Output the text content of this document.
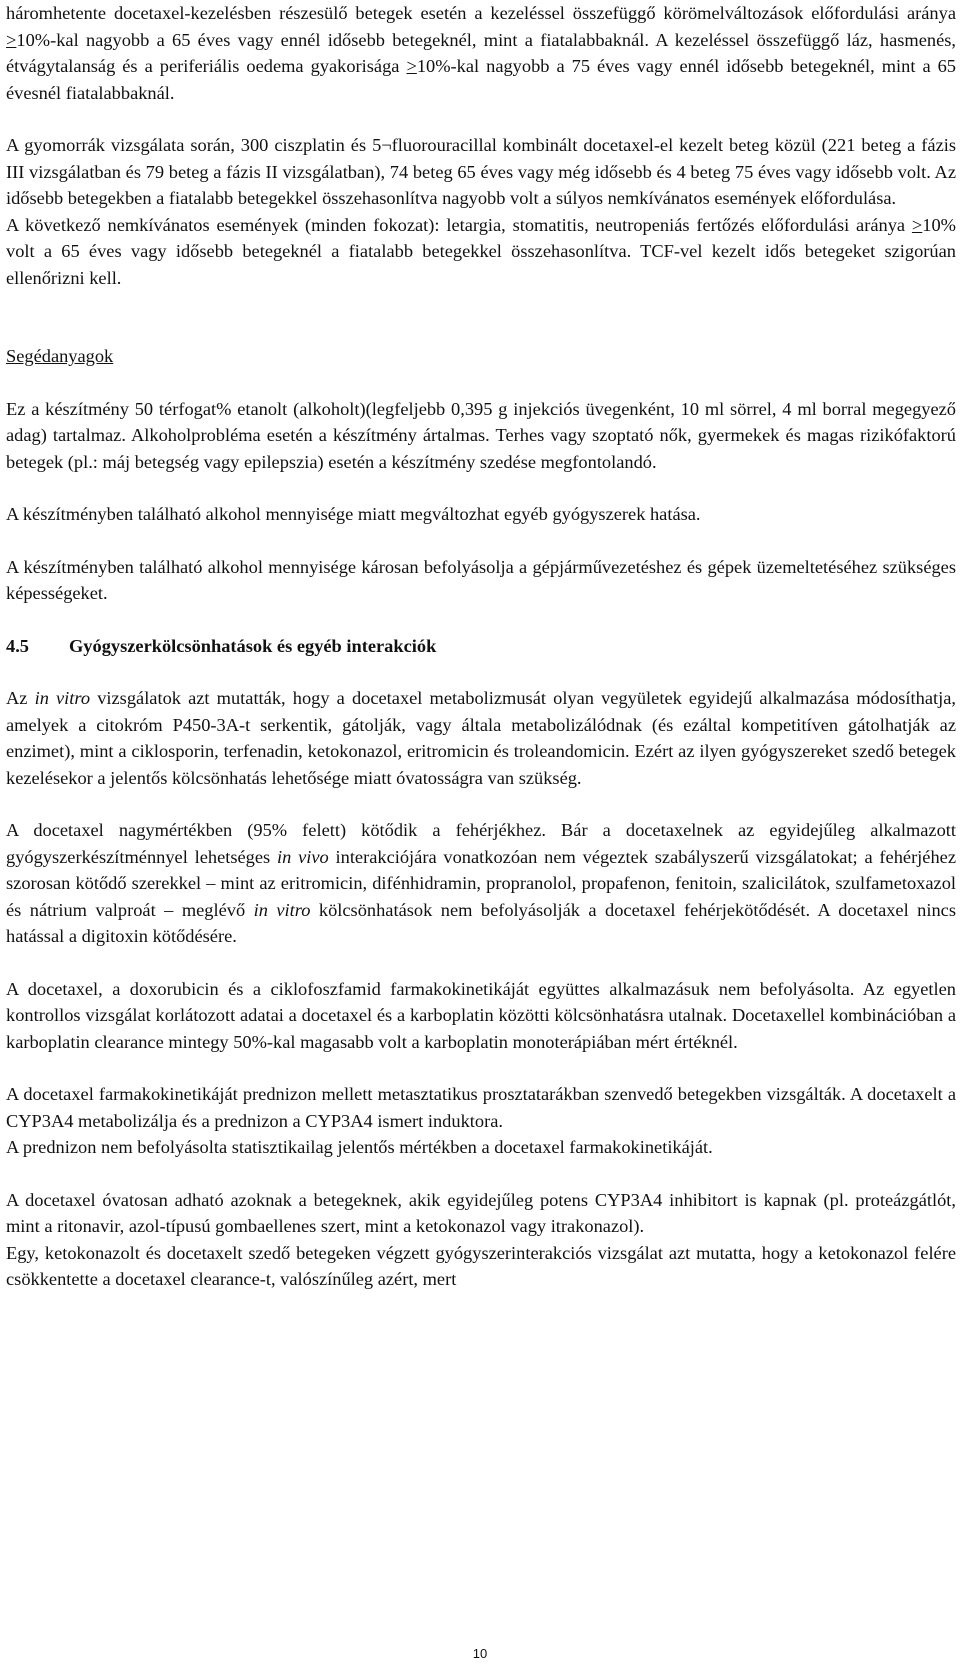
háromhetente docetaxel-kezelésben részesülő betegek esetén a kezeléssel összefüggő körömelváltozások előfordulási aránya ≥10%-kal nagyobb a 65 éves vagy ennél idősebb betegeknél, mint a fiatalabbaknál. A kezeléssel összefüggő láz, hasmenés, étvágytalanság és a periferiális oedema gyakorisága ≥10%-kal nagyobb a 75 éves vagy ennél idősebb betegeknél, mint a 65 évesnél fiatalabbaknál.

A gyomorrák vizsgálata során, 300 ciszplatin és 5¬fluorouracillal kombinált docetaxel-el kezelt beteg közül (221 beteg a fázis III vizsgálatban és 79 beteg a fázis II vizsgálatban), 74 beteg 65 éves vagy még idősebb és 4 beteg 75 éves vagy idősebb volt. Az idősebb betegekben a fiatalabb betegekkel összehasonlítva nagyobb volt a súlyos nemkívánatos események előfordulása.

A következő nemkívánatos események (minden fokozat): letargia, stomatitis, neutropeniás fertőzés előfordulási aránya ≥10% volt a 65 éves vagy idősebb betegeknél a fiatalabb betegekkel összehasonlítva. TCF-vel kezelt idős betegeket szigorúan ellenőrizni kell.

Segédanyagok

Ez a készítmény 50 térfogat% etanolt (alkoholt)(legfeljebb 0,395 g injekciós üvegenként, 10 ml sörrel, 4 ml borral megegyező adag) tartalmaz. Alkoholprobléma esetén a készítmény ártalmas. Terhes vagy szoptató nők, gyermekek és magas rizikófaktorú betegek (pl.: máj betegség vagy epilepszia) esetén a készítmény szedése megfontolandó.

A készítményben található alkohol mennyisége miatt megváltozhat egyéb gyógyszerek hatása.

A készítményben található alkohol mennyisége károsan befolyásolja a gépjárművezetéshez és gépek üzemeltetéséhez szükséges képességeket.

4.5	Gyógyszerkölcsönhatások és egyéb interakciók

Az in vitro vizsgálatok azt mutatták, hogy a docetaxel metabolizmusát olyan vegyületek egyidejű alkalmazása módosíthatja, amelyek a citokróm P450-3A-t serkentik, gátolják, vagy általa metabolizálódnak (és ezáltal kompetitíven gátolhatják az enzimet), mint a ciklosporin, terfenadin, ketokonazol, eritromicin és troleandomicin. Ezért az ilyen gyógyszereket szedő betegek kezelésekor a jelentős kölcsönhatás lehetősége miatt óvatosságra van szükség.

A docetaxel nagymértékben (95% felett) kötődik a fehérjékhez. Bár a docetaxelnek az egyidejűleg alkalmazott gyógyszerkészítménnyel lehetséges in vivo interakciójára vonatkozóan nem végeztek szabályszerű vizsgálatokat; a fehérjéhez szorosan kötődő szerekkel – mint az eritromicin, difénhidramin, propranolol, propafenon, fenitoin, szalicilátok, szulfametoxazol és nátrium valproát – meglévő in vitro kölcsönhatások nem befolyásolják a docetaxel fehérjekötődését. A docetaxel nincs hatással a digitoxin kötődésére.

A docetaxel, a doxorubicin és a ciklofoszfamid farmakokinetikáját együttes alkalmazásuk nem befolyásolta. Az egyetlen kontrollos vizsgálat korlátozott adatai a docetaxel és a karboplatin közötti kölcsönhatásra utalnak. Docetaxellel kombinációban a karboplatin clearance mintegy 50%-kal magasabb volt a karboplatin monoterápiában mért értéknél.

A docetaxel farmakokinetikáját prednizon mellett metasztatikus prosztatarákban szenvedő betegekben vizsgálták. A docetaxelt a CYP3A4 metabolizálja és a prednizon a CYP3A4 ismert induktora.

A prednizon nem befolyásolta statisztikailag jelentős mértékben a docetaxel farmakokinetikáját.

A docetaxel óvatosan adható azoknak a betegeknek, akik egyidejűleg potens CYP3A4 inhibitort is kapnak (pl. proteázgátlót, mint a ritonavir, azol-típusú gombaellenes szert, mint a ketokonazol vagy itrakonazol).

Egy, ketokonazolt és docetaxelt szedő betegeken végzett gyógyszerinterakciós vizsgálat azt mutatta, hogy a ketokonazol felére csökkentette a docetaxel clearance-t, valószínűleg azért, mert

10
